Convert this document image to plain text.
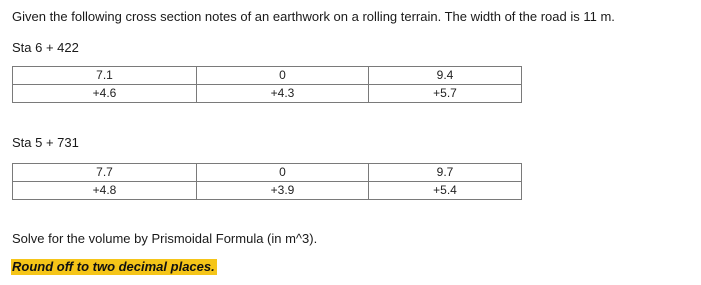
Given the following cross section notes of an earthwork on a rolling terrain. The width of the road is 11 m.
Sta 6 + 422
7.1	0	9.4
+4.6	+4.3	+5.7
Sta 5 + 731
7.7	0	9.7
+4.8	+3.9	+5.4
Solve for the volume by Prismoidal Formula (in m^3).
Round off to two decimal places.
